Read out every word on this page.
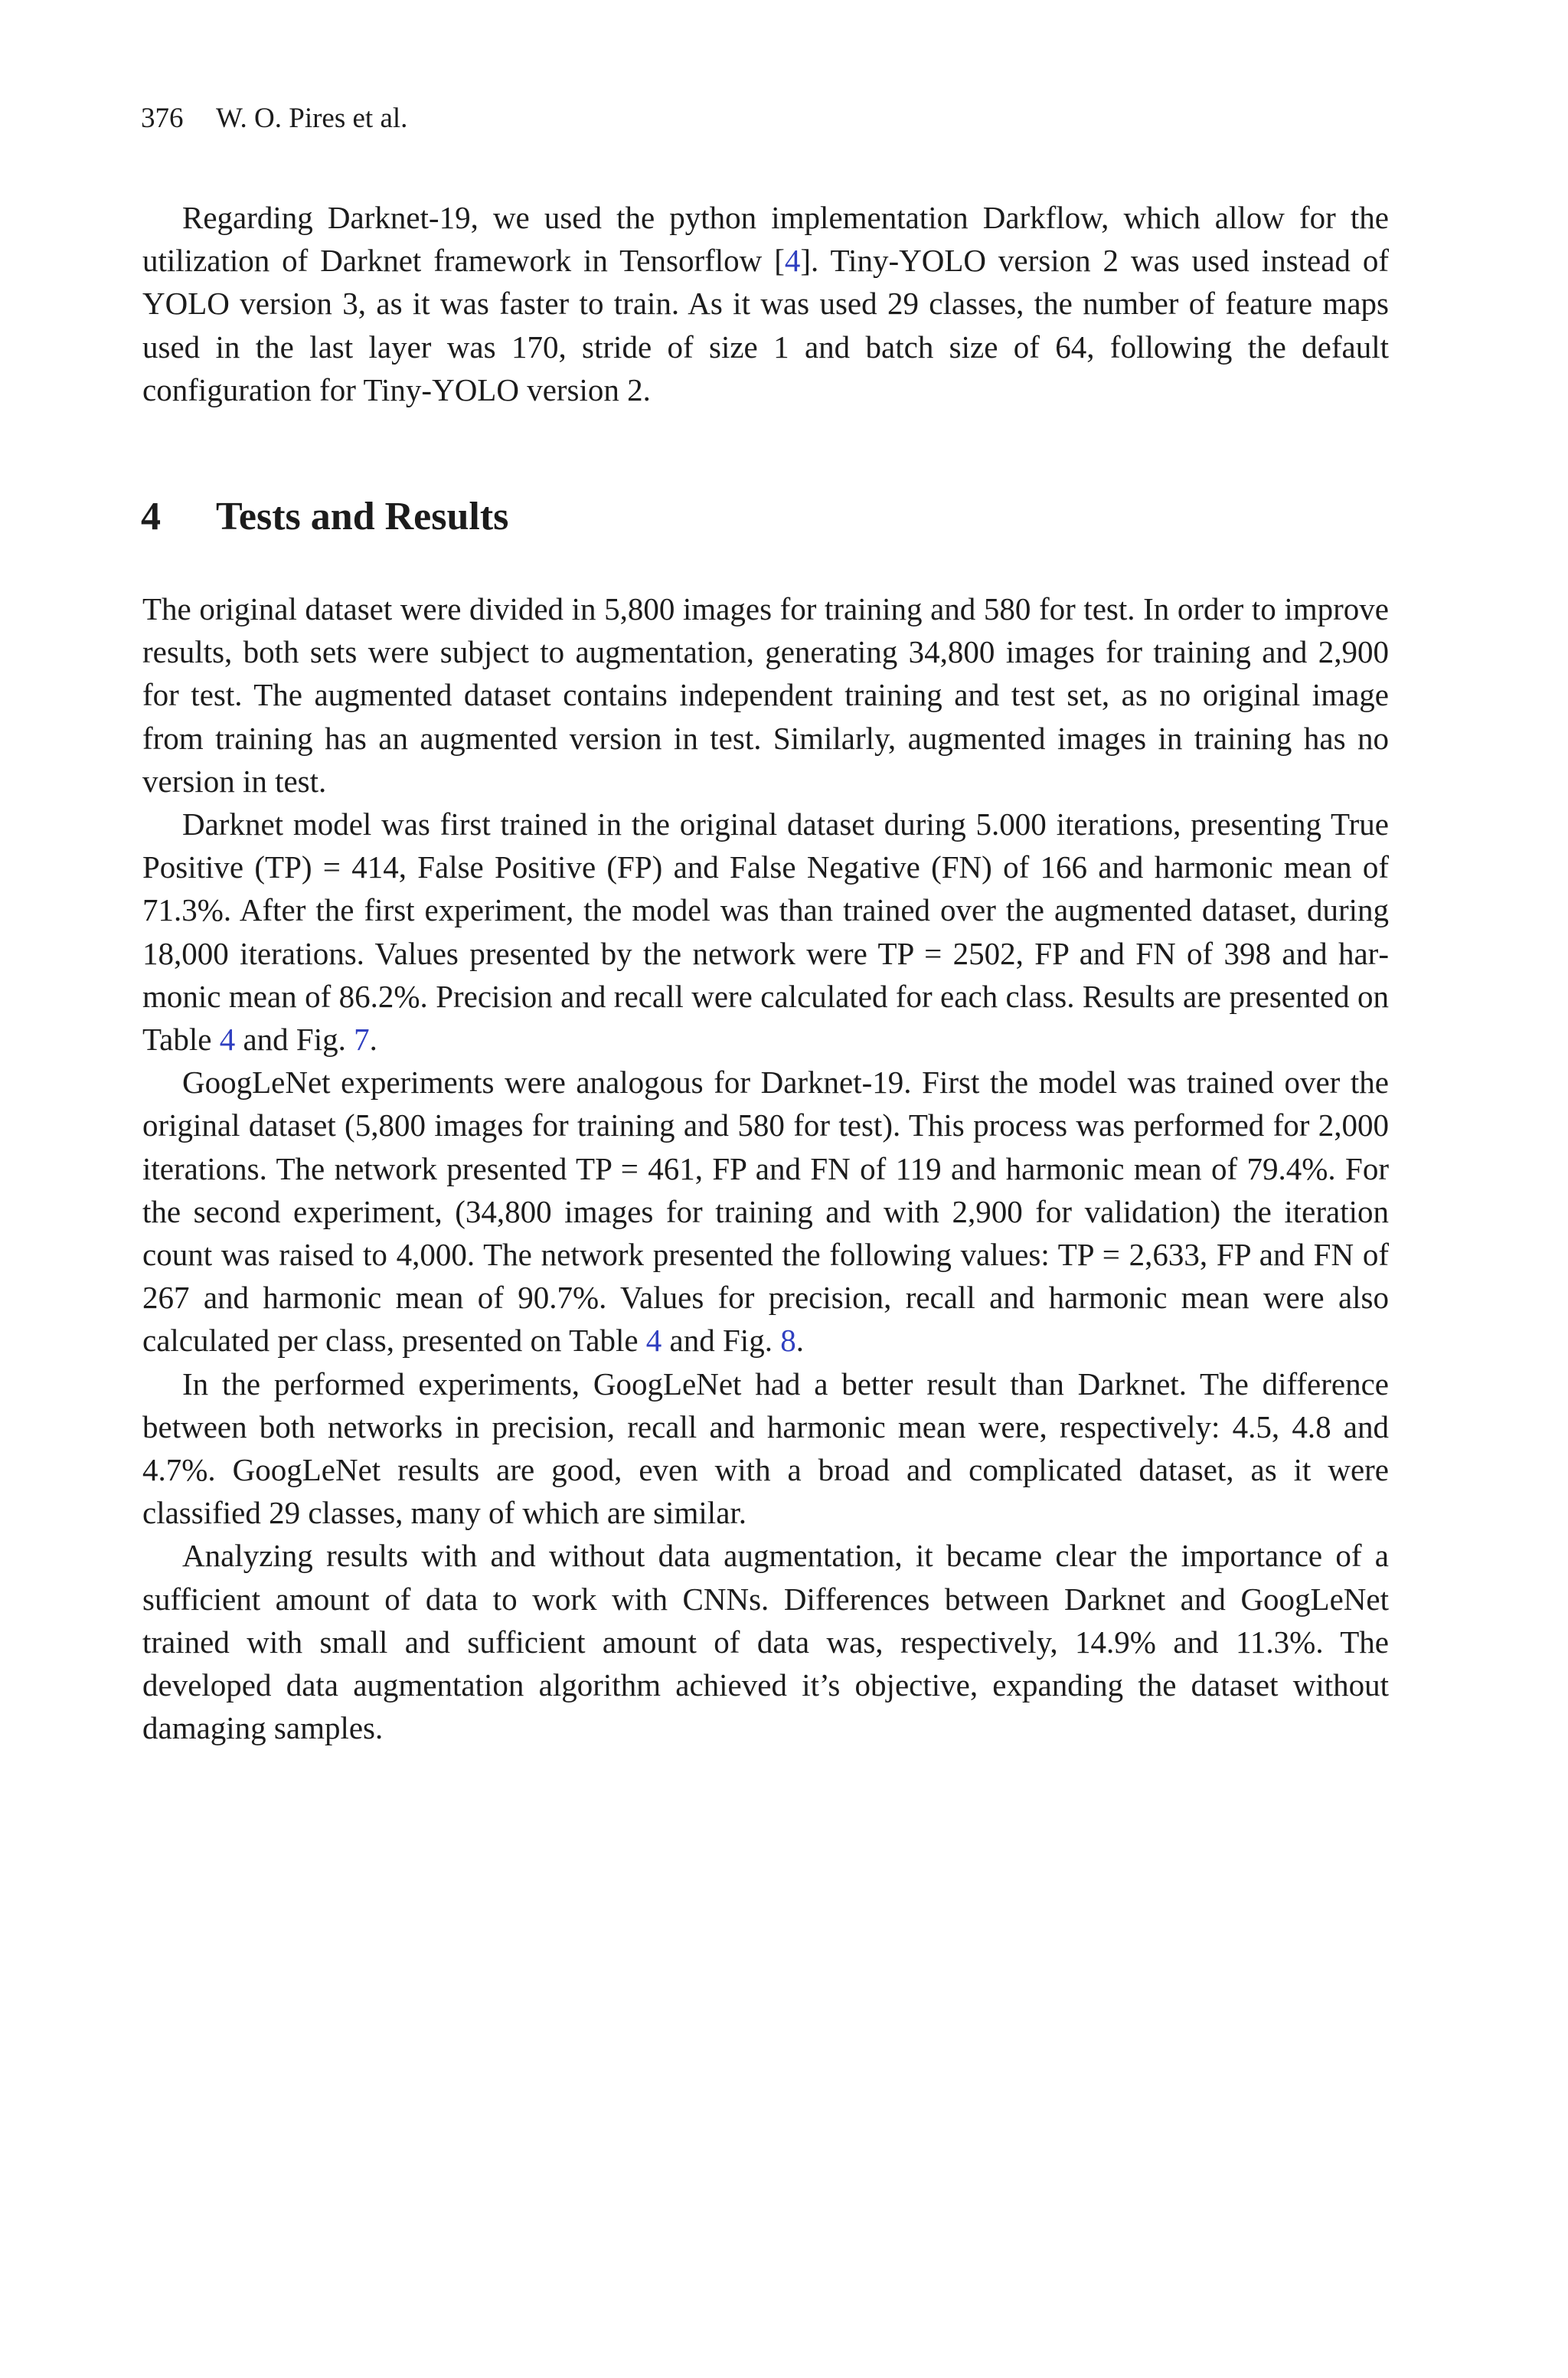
376 W. O. Pires et al.

Regarding Darknet-19, we used the python implementation Darkflow, which allow for the utilization of Darknet framework in Tensorflow [4]. Tiny-YOLO version 2 was used instead of YOLO version 3, as it was faster to train. As it was used 29 classes, the number of feature maps used in the last layer was 170, stride of size 1 and batch size of 64, following the default configuration for Tiny-YOLO version 2.

4 Tests and Results

The original dataset were divided in 5,800 images for training and 580 for test. In order to improve results, both sets were subject to augmentation, generating 34,800 images for training and 2,900 for test. The augmented dataset contains independent training and test set, as no original image from training has an augmented version in test. Similarly, augmented images in training has no version in test.

Darknet model was first trained in the original dataset during 5.000 iterations, presenting True Positive (TP) = 414, False Positive (FP) and False Negative (FN) of 166 and harmonic mean of 71.3%. After the first experiment, the model was than trained over the augmented dataset, during 18,000 iterations. Values presented by the network were TP = 2502, FP and FN of 398 and harmonic mean of 86.2%. Precision and recall were calculated for each class. Results are presented on Table 4 and Fig. 7.

GoogLeNet experiments were analogous for Darknet-19. First the model was trained over the original dataset (5,800 images for training and 580 for test). This process was performed for 2,000 iterations. The network presented TP = 461, FP and FN of 119 and harmonic mean of 79.4%. For the second experiment, (34,800 images for training and with 2,900 for validation) the iteration count was raised to 4,000. The network presented the following values: TP = 2,633, FP and FN of 267 and harmonic mean of 90.7%. Values for precision, recall and harmonic mean were also calculated per class, presented on Table 4 and Fig. 8.

In the performed experiments, GoogLeNet had a better result than Darknet. The difference between both networks in precision, recall and harmonic mean were, respectively: 4.5, 4.8 and 4.7%. GoogLeNet results are good, even with a broad and complicated dataset, as it were classified 29 classes, many of which are similar.

Analyzing results with and without data augmentation, it became clear the importance of a sufficient amount of data to work with CNNs. Differences between Darknet and GoogLeNet trained with small and sufficient amount of data was, respectively, 14.9% and 11.3%. The developed data augmentation algorithm achieved it’s objective, expanding the dataset without damaging samples.
